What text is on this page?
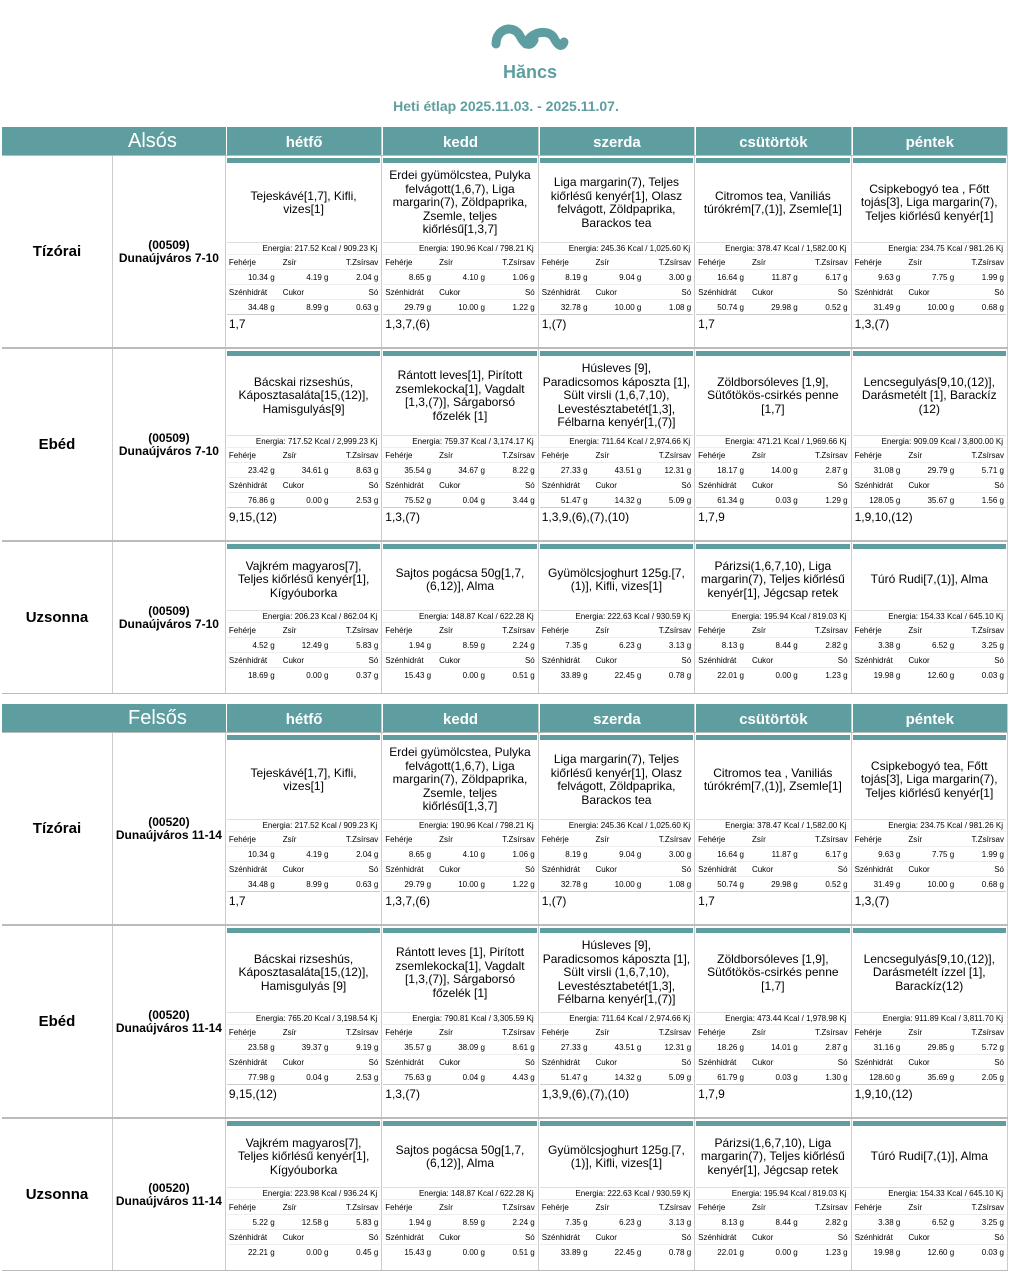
Hăncs
Heti étlap 2025.11.03. - 2025.11.07.
Alsós	hétfő	kedd	szerda	csütörtök	péntek
Tízórai	(00509) Dunaújváros 7-10
Tejeskávé[1,7], Kifli, vizes[1]
Energia: 217.52 Kcal / 909.23 Kj
Fehérje	Zsír	T.Zsírsav
10.34 g	4.19 g	2.04 g
Szénhidrát	Cukor	Só
34.48 g	8.99 g	0.63 g
1,7
Erdei gyümölcstea, Pulyka felvágott(1,6,7), Liga margarin(7), Zöldpaprika, Zsemle, teljes kiőrlésű[1,3,7]
Energia: 190.96 Kcal / 798.21 Kj
Fehérje	Zsír	T.Zsírsav
8.65 g	4.10 g	1.06 g
Szénhidrát	Cukor	Só
29.79 g	10.00 g	1.22 g
1,3,7,(6)
Liga margarin(7), Teljes kiőrlésű kenyér[1], Olasz felvágott, Zöldpaprika, Barackos tea
Energia: 245.36 Kcal / 1,025.60 Kj
Fehérje	Zsír	T.Zsírsav
8.19 g	9.04 g	3.00 g
Szénhidrát	Cukor	Só
32.78 g	10.00 g	1.08 g
1,(7)
Citromos tea, Vaniliás túrókrém[7,(1)], Zsemle[1]
Energia: 378.47 Kcal / 1,582.00 Kj
Fehérje	Zsír	T.Zsírsav
16.64 g	11.87 g	6.17 g
Szénhidrát	Cukor	Só
50.74 g	29.98 g	0.52 g
1,7
Csipkebogyó tea , Főtt tojás[3], Liga margarin(7), Teljes kiőrlésű kenyér[1]
Energia: 234.75 Kcal / 981.26 Kj
Fehérje	Zsír	T.Zsírsav
9.63 g	7.75 g	1.99 g
Szénhidrát	Cukor	Só
31.49 g	10.00 g	0.68 g
1,3,(7)
Ebéd	(00509) Dunaújváros 7-10
Bácskai rizseshús, Káposztasaláta[15,(12)], Hamisgulyás[9]
Energia: 717.52 Kcal / 2,999.23 Kj
Fehérje	Zsír	T.Zsírsav
23.42 g	34.61 g	8.63 g
Szénhidrát	Cukor	Só
76.86 g	0.00 g	2.53 g
9,15,(12)
Rántott leves[1], Pirított zsemlekocka[1], Vagdalt [1,3,(7)], Sárgaborsó főzelék [1]
Energia: 759.37 Kcal / 3,174.17 Kj
Fehérje	Zsír	T.Zsírsav
35.54 g	34.67 g	8.22 g
Szénhidrát	Cukor	Só
75.52 g	0.04 g	3.44 g
1,3,(7)
Húsleves [9], Paradicsomos káposzta [1], Sült virsli (1,6,7,10), Levestésztabetét[1,3], Félbarna kenyér[1,(7)]
Energia: 711.64 Kcal / 2,974.66 Kj
Fehérje	Zsír	T.Zsírsav
27.33 g	43.51 g	12.31 g
Szénhidrát	Cukor	Só
51.47 g	14.32 g	5.09 g
1,3,9,(6),(7),(10)
Zöldborsóleves [1,9], Sütőtökös-csirkés penne [1,7]
Energia: 471.21 Kcal / 1,969.66 Kj
Fehérje	Zsír	T.Zsírsav
18.17 g	14.00 g	2.87 g
Szénhidrát	Cukor	Só
61.34 g	0.03 g	1.29 g
1,7,9
Lencsegulyás[9,10,(12)], Darásmetélt [1], Barackíz (12)
Energia: 909.09 Kcal / 3,800.00 Kj
Fehérje	Zsír	T.Zsírsav
31.08 g	29.79 g	5.71 g
Szénhidrát	Cukor	Só
128.05 g	35.67 g	1.56 g
1,9,10,(12)
Uzsonna	(00509) Dunaújváros 7-10
Vajkrém magyaros[7], Teljes kiőrlésű kenyér[1], Kígyóuborka
Energia: 206.23 Kcal / 862.04 Kj
Fehérje	Zsír	T.Zsírsav
4.52 g	12.49 g	5.83 g
Szénhidrát	Cukor	Só
18.69 g	0.00 g	0.37 g
Sajtos pogácsa 50g[1,7,(6,12)], Alma
Energia: 148.87 Kcal / 622.28 Kj
Fehérje	Zsír	T.Zsírsav
1.94 g	8.59 g	2.24 g
Szénhidrát	Cukor	Só
15.43 g	0.00 g	0.51 g
Gyümölcsjoghurt 125g.[7,(1)], Kifli, vizes[1]
Energia: 222.63 Kcal / 930.59 Kj
Fehérje	Zsír	T.Zsírsav
7.35 g	6.23 g	3.13 g
Szénhidrát	Cukor	Só
33.89 g	22.45 g	0.78 g
Párizsi(1,6,7,10), Liga margarin(7), Teljes kiőrlésű kenyér[1], Jégcsap retek
Energia: 195.94 Kcal / 819.03 Kj
Fehérje	Zsír	T.Zsírsav
8.13 g	8.44 g	2.82 g
Szénhidrát	Cukor	Só
22.01 g	0.00 g	1.23 g
Túró Rudi[7,(1)], Alma
Energia: 154.33 Kcal / 645.10 Kj
Fehérje	Zsír	T.Zsírsav
3.38 g	6.52 g	3.25 g
Szénhidrát	Cukor	Só
19.98 g	12.60 g	0.03 g
Felsős	hétfő	kedd	szerda	csütörtök	péntek
Tízórai	(00520) Dunaújváros 11-14
Tejeskávé[1,7], Kifli, vizes[1]
Energia: 217.52 Kcal / 909.23 Kj
Fehérje	Zsír	T.Zsírsav
10.34 g	4.19 g	2.04 g
Szénhidrát	Cukor	Só
34.48 g	8.99 g	0.63 g
1,7
Erdei gyümölcstea, Pulyka felvágott(1,6,7), Liga margarin(7), Zöldpaprika, Zsemle, teljes kiőrlésű[1,3,7]
Energia: 190.96 Kcal / 798.21 Kj
Fehérje	Zsír	T.Zsírsav
8.65 g	4.10 g	1.06 g
Szénhidrát	Cukor	Só
29.79 g	10.00 g	1.22 g
1,3,7,(6)
Liga margarin(7), Teljes kiőrlésű kenyér[1], Olasz felvágott, Zöldpaprika, Barackos tea
Energia: 245.36 Kcal / 1,025.60 Kj
Fehérje	Zsír	T.Zsírsav
8.19 g	9.04 g	3.00 g
Szénhidrát	Cukor	Só
32.78 g	10.00 g	1.08 g
1,(7)
Citromos tea , Vaniliás túrókrém[7,(1)], Zsemle[1]
Energia: 378.47 Kcal / 1,582.00 Kj
Fehérje	Zsír	T.Zsírsav
16.64 g	11.87 g	6.17 g
Szénhidrát	Cukor	Só
50.74 g	29.98 g	0.52 g
1,7
Csipkebogyó tea, Főtt tojás[3], Liga margarin(7), Teljes kiőrlésű kenyér[1]
Energia: 234.75 Kcal / 981.26 Kj
Fehérje	Zsír	T.Zsírsav
9.63 g	7.75 g	1.99 g
Szénhidrát	Cukor	Só
31.49 g	10.00 g	0.68 g
1,3,(7)
Ebéd	(00520) Dunaújváros 11-14
Bácskai rizseshús, Káposztasaláta[15,(12)], Hamisgulyás [9]
Energia: 765.20 Kcal / 3,198.54 Kj
Fehérje	Zsír	T.Zsírsav
23.58 g	39.37 g	9.19 g
Szénhidrát	Cukor	Só
77.98 g	0.04 g	2.53 g
9,15,(12)
Rántott leves [1], Pirított zsemlekocka[1], Vagdalt [1,3,(7)], Sárgaborsó főzelék [1]
Energia: 790.81 Kcal / 3,305.59 Kj
Fehérje	Zsír	T.Zsírsav
35.57 g	38.09 g	8.61 g
Szénhidrát	Cukor	Só
75.63 g	0.04 g	4.43 g
1,3,(7)
Húsleves [9], Paradicsomos káposzta [1], Sült virsli (1,6,7,10), Levestésztabetét[1,3], Félbarna kenyér[1,(7)]
Energia: 711.64 Kcal / 2,974.66 Kj
Fehérje	Zsír	T.Zsírsav
27.33 g	43.51 g	12.31 g
Szénhidrát	Cukor	Só
51.47 g	14.32 g	5.09 g
1,3,9,(6),(7),(10)
Zöldborsóleves [1,9], Sütőtökös-csirkés penne [1,7]
Energia: 473.44 Kcal / 1,978.98 Kj
Fehérje	Zsír	T.Zsírsav
18.26 g	14.01 g	2.87 g
Szénhidrát	Cukor	Só
61.79 g	0.03 g	1.30 g
1,7,9
Lencsegulyás[9,10,(12)], Darásmetélt ízzel [1], Barackíz(12)
Energia: 911.89 Kcal / 3,811.70 Kj
Fehérje	Zsír	T.Zsírsav
31.16 g	29.85 g	5.72 g
Szénhidrát	Cukor	Só
128.60 g	35.69 g	2.05 g
1,9,10,(12)
Uzsonna	(00520) Dunaújváros 11-14
Vajkrém magyaros[7], Teljes kiőrlésű kenyér[1], Kígyóuborka
Energia: 223.98 Kcal / 936.24 Kj
Fehérje	Zsír	T.Zsírsav
5.22 g	12.58 g	5.83 g
Szénhidrát	Cukor	Só
22.21 g	0.00 g	0.45 g
Sajtos pogácsa 50g[1,7,(6,12)], Alma
Energia: 148.87 Kcal / 622.28 Kj
Fehérje	Zsír	T.Zsírsav
1.94 g	8.59 g	2.24 g
Szénhidrát	Cukor	Só
15.43 g	0.00 g	0.51 g
Gyümölcsjoghurt 125g.[7,(1)], Kifli, vizes[1]
Energia: 222.63 Kcal / 930.59 Kj
Fehérje	Zsír	T.Zsírsav
7.35 g	6.23 g	3.13 g
Szénhidrát	Cukor	Só
33.89 g	22.45 g	0.78 g
Párizsi(1,6,7,10), Liga margarin(7), Teljes kiőrlésű kenyér[1], Jégcsap retek
Energia: 195.94 Kcal / 819.03 Kj
Fehérje	Zsír	T.Zsírsav
8.13 g	8.44 g	2.82 g
Szénhidrát	Cukor	Só
22.01 g	0.00 g	1.23 g
Túró Rudi[7,(1)], Alma
Energia: 154.33 Kcal / 645.10 Kj
Fehérje	Zsír	T.Zsírsav
3.38 g	6.52 g	3.25 g
Szénhidrát	Cukor	Só
19.98 g	12.60 g	0.03 g
